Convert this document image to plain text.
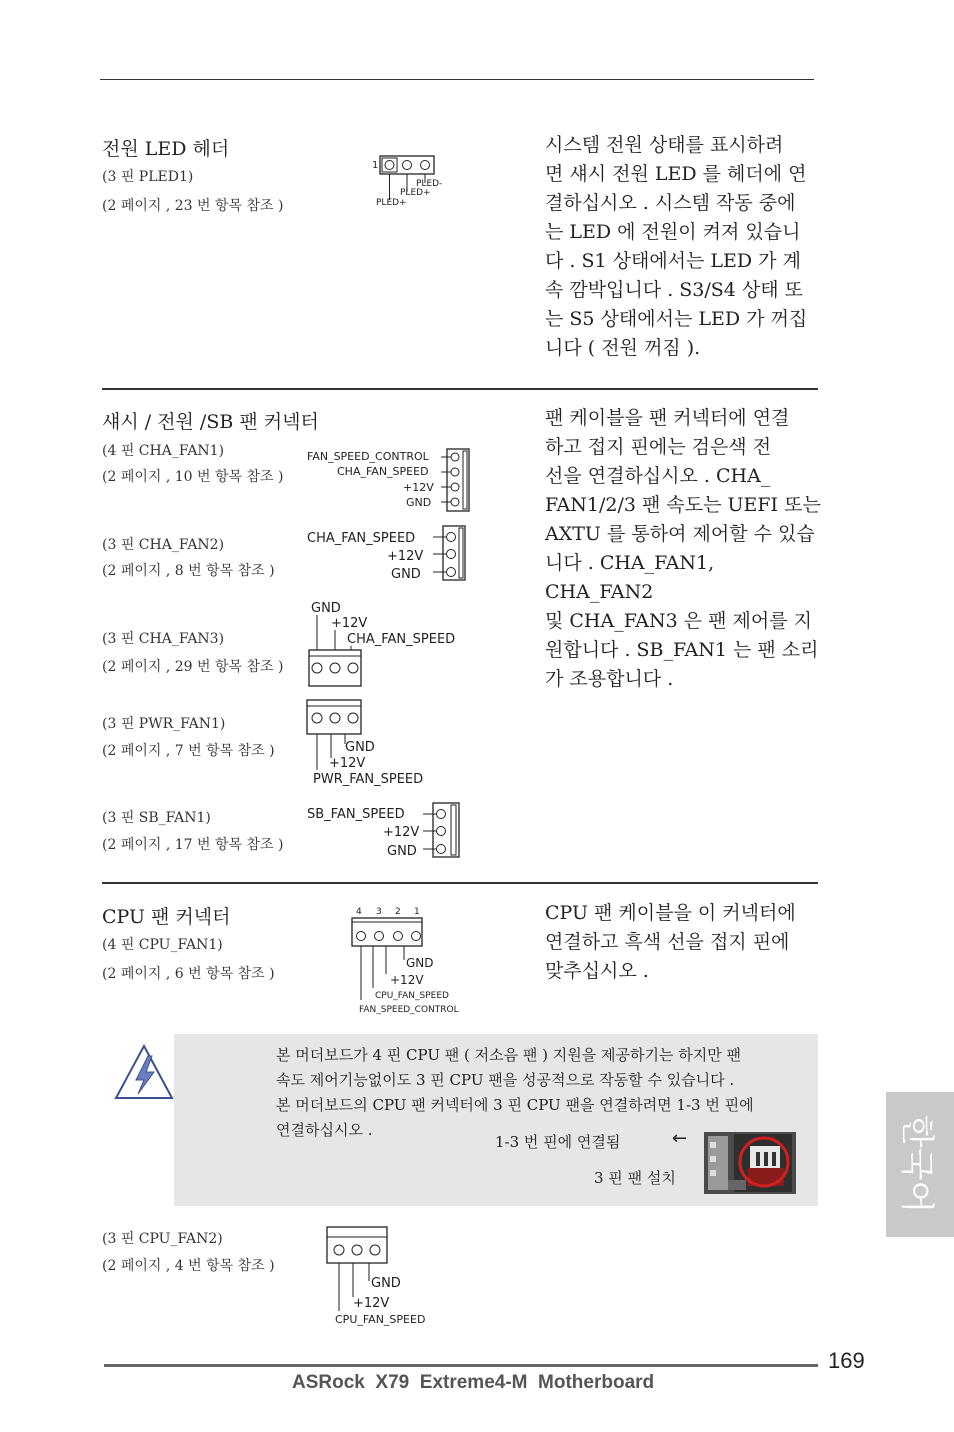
전원 LED 헤더
(3 핀 PLED1)
(2 페이지 , 23 번 항목 참조 )
1
PLED-
PLED+
PLED+
시스템 전원 상태를 표시하려
면 섀시 전원 LED 를 헤더에 연
결하십시오 . 시스템 작동 중에
는 LED 에 전원이 켜져 있습니
다 . S1 상태에서는 LED 가 계
속 깜박입니다 . S3/S4 상태 또
는 S5 상태에서는 LED 가 꺼집
니다 ( 전원 꺼짐 ).
섀시 / 전원 /SB 팬 커넥터	팬 케이블을 팬 커넥터에 연결
하고 접지 핀에는 검은색 전
선을 연결하십시오 . CHA_
FAN1/2/3 팬 속도는 UEFI 또는
AXTU 를 통하여 제어할 수 있습
니다 . CHA_FAN1, CHA_FAN2
및 CHA_FAN3 은 팬 제어를 지
원합니다 . SB_FAN1 는 팬 소리
가 조용합니다 .
(4 핀 CHA_FAN1)
(2 페이지 , 10 번 항목 참조 )
FAN_SPEED_CONTROL
CHA_FAN_SPEED
+12V
GND
(3 핀 CHA_FAN2)
(2 페이지 , 8 번 항목 참조 )
CHA_FAN_SPEED
+12V
GND
(3 핀 CHA_FAN3)
(2 페이지 , 29 번 항목 참조 )
GND
+12V
CHA_FAN_SPEED
(3 핀 PWR_FAN1)
(2 페이지 , 7 번 항목 참조 )	GND
+12V
PWR_FAN_SPEED
(3 핀 SB_FAN1)
(2 페이지 , 17 번 항목 참조 )
SB_FAN_SPEED
+12V
GND
CPU 팬 커넥터
(4 핀 CPU_FAN1)
(2 페이지 , 6 번 항목 참조 )
4 3 2 1
GND
+12V
CPU_FAN_SPEED
FAN_SPEED_CONTROL
CPU 팬 케이블을 이 커넥터에
연결하고 흑색 선을 접지 핀에
맞추십시오 .
본 머더보드가 4 핀 CPU 팬 ( 저소음 팬 ) 지원을 제공하기는 하지만 팬
속도 제어기능없이도 3 핀 CPU 팬을 성공적으로 작동할 수 있습니다 .
본 머더보드의 CPU 팬 커넥터에 3 핀 CPU 팬을 연결하려면 1-3 번 핀에
연결하십시오 .
1-3 번 핀에 연결됨	←
3 핀 팬 설치
(3 핀 CPU_FAN2)
(2 페이지 , 4 번 항목 참조 )
GND
+12V
CPU_FAN_SPEED
한국어
169
ASRock  X79  Extreme4-M  Motherboard
